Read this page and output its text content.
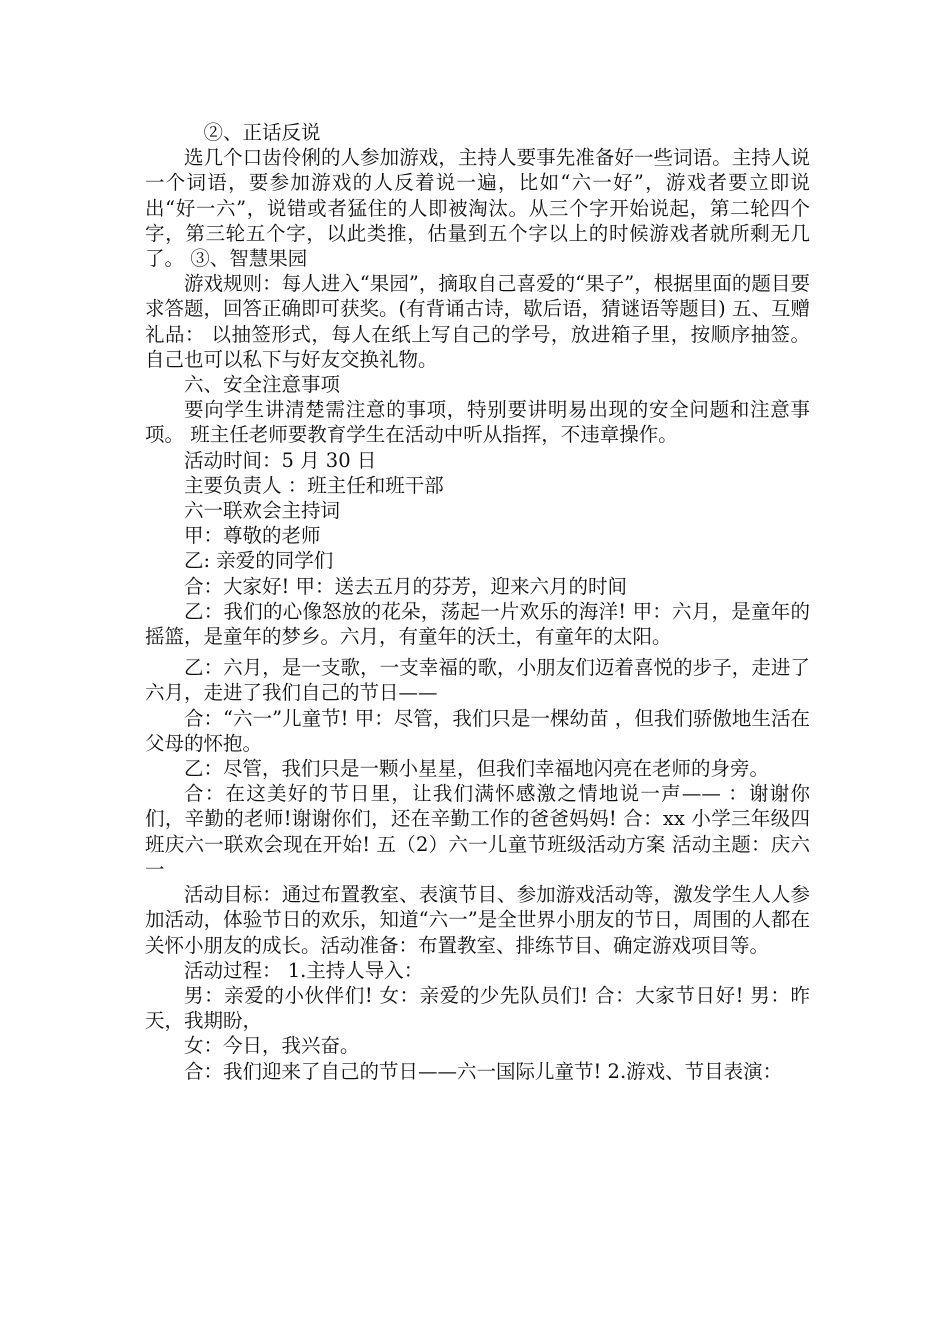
②、正话反说

选几个口齿伶俐的人参加游戏，主持人要事先准备好一些词语。主持人说一个词语，要参加游戏的人反着说一遍，比如“六一好”，游戏者要立即说出“好一六”，说错或者猛住的人即被淘汰。从三个字开始说起，第二轮四个字，第三轮五个字，以此类推，估量到五个字以上的时候游戏者就所剩无几了。 ③、智慧果园

游戏规则：每人进入“果园”，摘取自己喜爱的“果子”，根据里面的题目要求答题，回答正确即可获奖。(有背诵古诗，歇后语，猜谜语等题目) 五、互赠礼品： 以抽签形式，每人在纸上写自己的学号，放进箱子里，按顺序抽签。自己也可以私下与好友交换礼物。

六、安全注意事项

要向学生讲清楚需注意的事项，特别要讲明易出现的安全问题和注意事项。 班主任老师要教育学生在活动中听从指挥，不违章操作。

活动时间：5 月 30 日

主要负责人 ：班主任和班干部

六一联欢会主持词

甲：尊敬的老师

乙: 亲爱的同学们

合：大家好! 甲：送去五月的芬芳，迎来六月的时间

乙：我们的心像怒放的花朵，荡起一片欢乐的海洋! 甲：六月，是童年的摇篮，是童年的梦乡。六月，有童年的沃土，有童年的太阳。

乙：六月，是一支歌，一支幸福的歌，小朋友们迈着喜悦的步子，走进了六月，走进了我们自己的节日——

合：“六一”儿童节! 甲：尽管，我们只是一棵幼苗 ，但我们骄傲地生活在父母的怀抱。

乙：尽管，我们只是一颗小星星，但我们幸福地闪亮在老师的身旁。

合：在这美好的节日里，让我们满怀感激之情地说一声—— ：谢谢你们，辛勤的老师!谢谢你们，还在辛勤工作的爸爸妈妈! 合：xx 小学三年级四班庆六一联欢会现在开始! 五（2）六一儿童节班级活动方案 活动主题：庆六一

活动目标：通过布置教室、表演节目、参加游戏活动等，激发学生人人参加活动，体验节日的欢乐，知道“六一”是全世界小朋友的节日，周围的人都在关怀小朋友的成长。活动准备：布置教室、排练节目、确定游戏项目等。

活动过程： 1.主持人导入：

男：亲爱的小伙伴们! 女：亲爱的少先队员们! 合：大家节日好! 男：昨天，我期盼，

女：今日，我兴奋。

合：我们迎来了自己的节日——六一国际儿童节! 2.游戏、节目表演：
